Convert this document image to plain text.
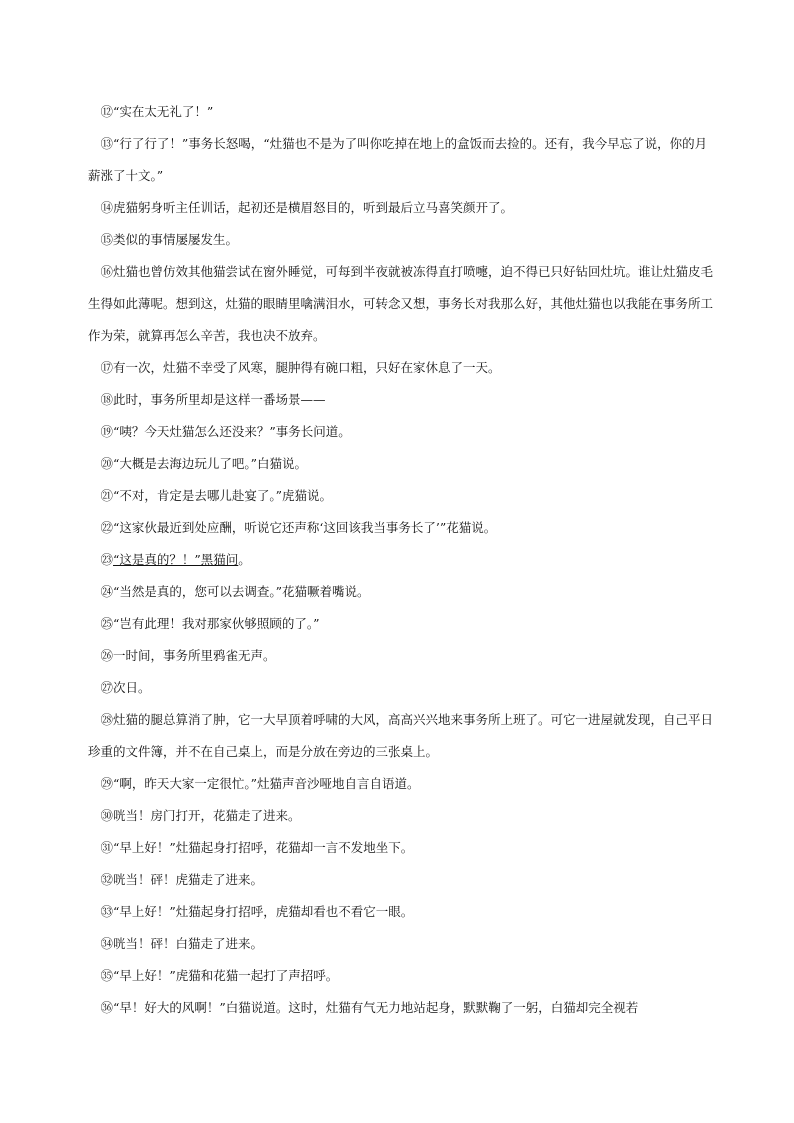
⑫“实在太无礼了！”

⑬“行了行了！”事务长怒喝，“灶猫也不是为了叫你吃掉在地上的盒饭而去捡的。还有，我今早忘了说，你的月薪涨了十文。”

⑭虎猫躬身听主任训话，起初还是横眉怒目的，听到最后立马喜笑颜开了。

⑮类似的事情屡屡发生。

⑯灶猫也曾仿效其他猫尝试在窗外睡觉，可每到半夜就被冻得直打喷嚏，迫不得已只好钻回灶坑。谁让灶猫皮毛生得如此薄呢。想到这，灶猫的眼睛里噙满泪水，可转念又想，事务长对我那么好，其他灶猫也以我能在事务所工作为荣，就算再怎么辛苦，我也决不放弃。

⑰有一次，灶猫不幸受了风寒，腿肿得有碗口粗，只好在家休息了一天。

⑱此时，事务所里却是这样一番场景——

⑲“咦？今天灶猫怎么还没来？”事务长问道。

⑳“大概是去海边玩儿了吧。”白猫说。

㉑“不对，肯定是去哪儿赴宴了。”虎猫说。

㉒“这家伙最近到处应酬，听说它还声称‘这回该我当事务长了’”花猫说。

㉓“这是真的？！”黑猫问。

㉔“当然是真的，您可以去调查。”花猫噘着嘴说。

㉕“岂有此理！我对那家伙够照顾的了。”

㉖一时间，事务所里鸦雀无声。

㉗次日。

㉘灶猫的腿总算消了肿，它一大早顶着呼啸的大风，高高兴兴地来事务所上班了。可它一进屋就发现，自己平日珍重的文件簿，并不在自己桌上，而是分放在旁边的三张桌上。

㉙“啊，昨天大家一定很忙。”灶猫声音沙哑地自言自语道。

㉚咣当！房门打开，花猫走了进来。

㉛“早上好！”灶猫起身打招呼，花猫却一言不发地坐下。

㉜咣当！砰！虎猫走了进来。

㉝“早上好！”灶猫起身打招呼，虎猫却看也不看它一眼。

㉞咣当！砰！白猫走了进来。

㉟“早上好！”虎猫和花猫一起打了声招呼。

㊱“早！好大的风啊！”白猫说道。这时，灶猫有气无力地站起身，默默鞠了一躬，白猫却完全视若
